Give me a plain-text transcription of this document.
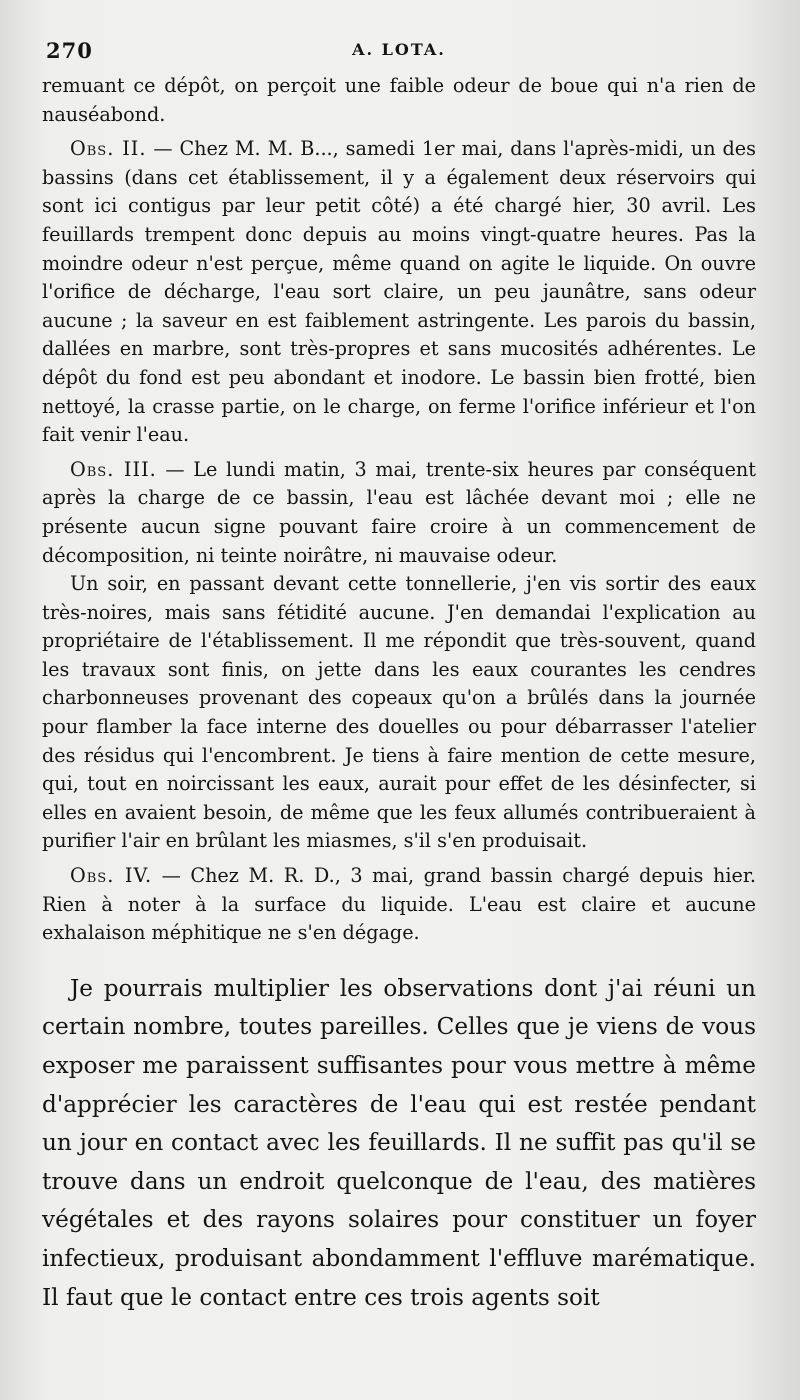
270	A. LOTA.

remuant ce dépôt, on perçoit une faible odeur de boue qui n'a rien de nauséabond.

Obs. II. — Chez M. M. B..., samedi 1er mai, dans l'après-midi, un des bassins (dans cet établissement, il y a également deux réservoirs qui sont ici contigus par leur petit côté) a été chargé hier, 30 avril. Les feuillards trempent donc depuis au moins vingt-quatre heures. Pas la moindre odeur n'est perçue, même quand on agite le liquide. On ouvre l'orifice de décharge, l'eau sort claire, un peu jaunâtre, sans odeur aucune ; la saveur en est faiblement astringente. Les parois du bassin, dallées en marbre, sont très-propres et sans mucosités adhérentes. Le dépôt du fond est peu abondant et inodore. Le bassin bien frotté, bien nettoyé, la crasse partie, on le charge, on ferme l'orifice inférieur et l'on fait venir l'eau.

Obs. III. — Le lundi matin, 3 mai, trente-six heures par conséquent après la charge de ce bassin, l'eau est lâchée devant moi ; elle ne présente aucun signe pouvant faire croire à un commencement de décomposition, ni teinte noirâtre, ni mauvaise odeur.

Un soir, en passant devant cette tonnellerie, j'en vis sortir des eaux très-noires, mais sans fétidité aucune. J'en demandai l'explication au propriétaire de l'établissement. Il me répondit que très-souvent, quand les travaux sont finis, on jette dans les eaux courantes les cendres charbonneuses provenant des copeaux qu'on a brûlés dans la journée pour flamber la face interne des douelles ou pour débarrasser l'atelier des résidus qui l'encombrent. Je tiens à faire mention de cette mesure, qui, tout en noircissant les eaux, aurait pour effet de les désinfecter, si elles en avaient besoin, de même que les feux allumés contribueraient à purifier l'air en brûlant les miasmes, s'il s'en produisait.

Obs. IV. — Chez M. R. D., 3 mai, grand bassin chargé depuis hier. Rien à noter à la surface du liquide. L'eau est claire et aucune exhalaison méphitique ne s'en dégage.

Je pourrais multiplier les observations dont j'ai réuni un certain nombre, toutes pareilles. Celles que je viens de vous exposer me paraissent suffisantes pour vous mettre à même d'apprécier les caractères de l'eau qui est restée pendant un jour en contact avec les feuillards. Il ne suffit pas qu'il se trouve dans un endroit quelconque de l'eau, des matières végétales et des rayons solaires pour constituer un foyer infectieux, produisant abondamment l'effluve marématique. Il faut que le contact entre ces trois agents soit
